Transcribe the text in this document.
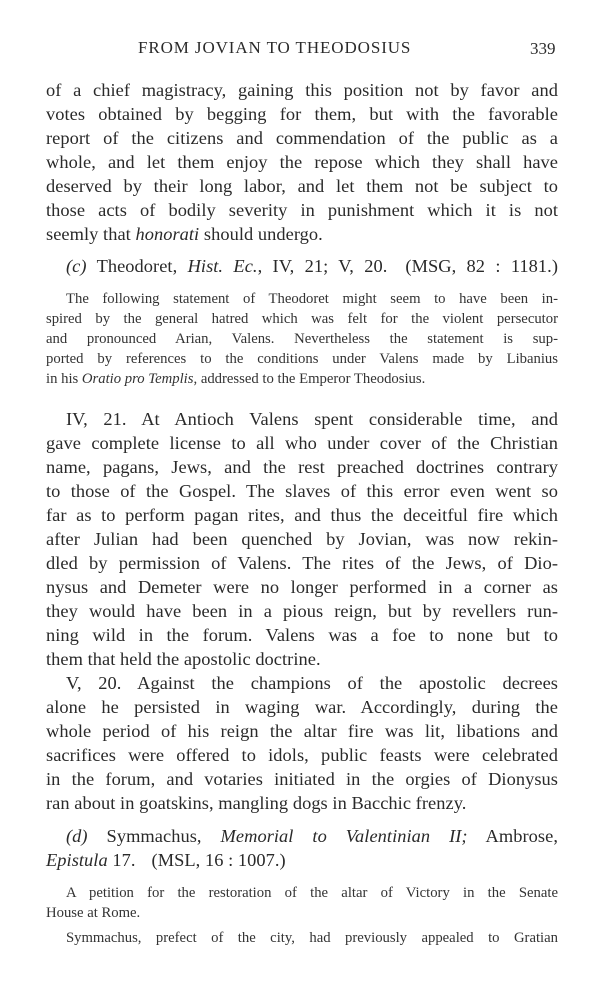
FROM JOVIAN TO THEODOSIUS	339
of a chief magistracy, gaining this position not by favor and
votes obtained by begging for them, but with the favorable
report of the citizens and commendation of the public as a
whole, and let them enjoy the repose which they shall have
deserved by their long labor, and let them not be subject to
those acts of bodily severity in punishment which it is not
seemly that honorati should undergo.
(c) Theodoret, Hist. Ec., IV, 21; V, 20. (MSG, 82 : 1181.)
The following statement of Theodoret might seem to have been in-
spired by the general hatred which was felt for the violent persecutor
and pronounced Arian, Valens. Nevertheless the statement is sup-
ported by references to the conditions under Valens made by Libanius
in his Oratio pro Templis, addressed to the Emperor Theodosius.
IV, 21. At Antioch Valens spent considerable time, and
gave complete license to all who under cover of the Christian
name, pagans, Jews, and the rest preached doctrines contrary
to those of the Gospel. The slaves of this error even went so
far as to perform pagan rites, and thus the deceitful fire which
after Julian had been quenched by Jovian, was now rekin-
dled by permission of Valens. The rites of the Jews, of Dio-
nysus and Demeter were no longer performed in a corner as
they would have been in a pious reign, but by revellers run-
ning wild in the forum. Valens was a foe to none but to
them that held the apostolic doctrine.
V, 20. Against the champions of the apostolic decrees
alone he persisted in waging war. Accordingly, during the
whole period of his reign the altar fire was lit, libations and
sacrifices were offered to idols, public feasts were celebrated
in the forum, and votaries initiated in the orgies of Dionysus
ran about in goatskins, mangling dogs in Bacchic frenzy.
(d) Symmachus, Memorial to Valentinian II; Ambrose,
Epistula 17. (MSL, 16 : 1007.)
A petition for the restoration of the altar of Victory in the Senate
House at Rome.
Symmachus, prefect of the city, had previously appealed to Gratian
